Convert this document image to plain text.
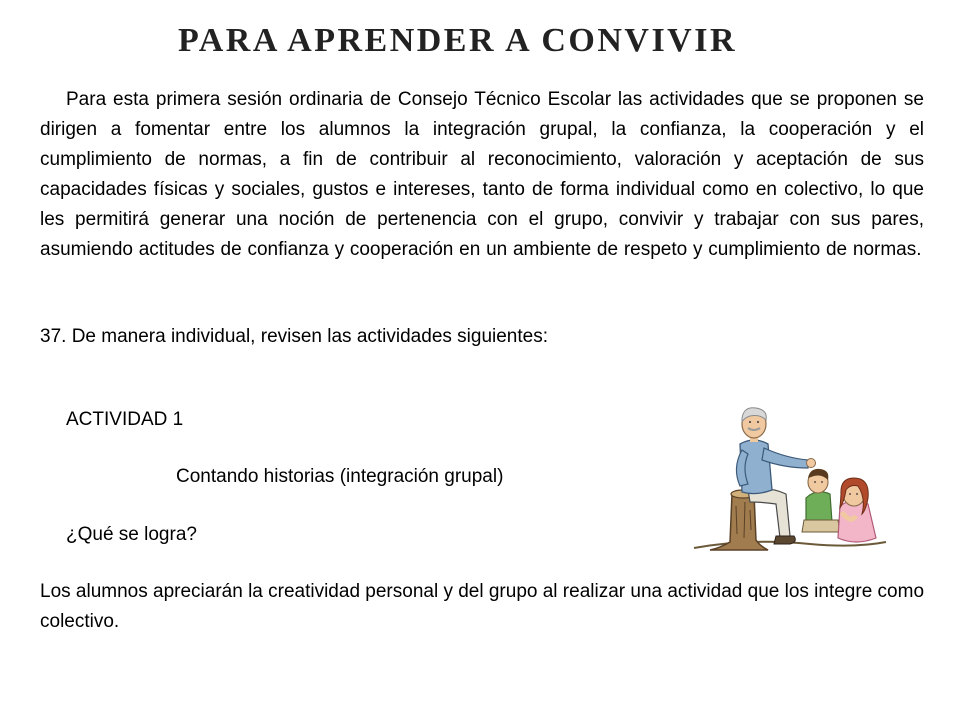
PARA APRENDER A CONVIVIR

Para esta primera sesión ordinaria de Consejo Técnico Escolar las actividades que se proponen se dirigen a fomentar entre los alumnos la integración grupal, la confianza, la cooperación y el cumplimiento de normas, a fin de contribuir al reconocimiento, valoración y aceptación de sus capacidades físicas y sociales, gustos e intereses, tanto de forma individual como en colectivo, lo que les permitirá generar una noción de pertenencia con el grupo, convivir y trabajar con sus pares, asumiendo actitudes de confianza y cooperación en un ambiente de respeto y cumplimiento de normas.

37. De manera individual, revisen las actividades siguientes:

ACTIVIDAD 1

Contando historias (integración grupal)

¿Qué se logra?

Los alumnos apreciarán la creatividad personal y del grupo al realizar una actividad que los integre como colectivo.
